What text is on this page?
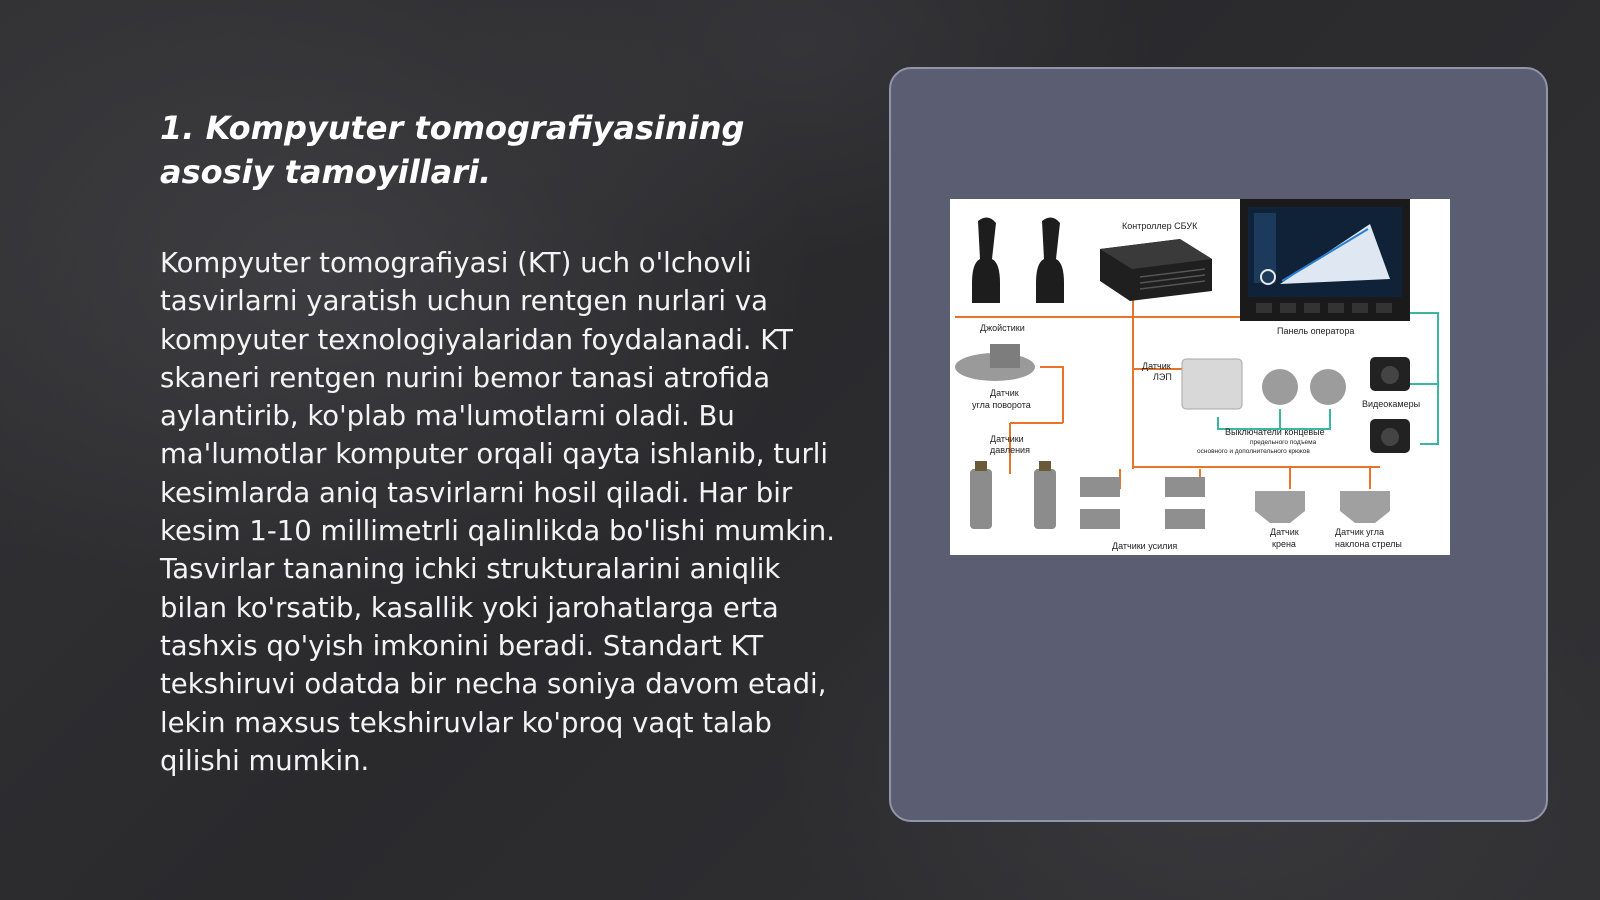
1. Kompyuter tomografiyasining asosiy tamoyillari.

Kompyuter tomografiyasi (KT) uch o'lchovli tasvirlarni yaratish uchun rentgen nurlari va kompyuter texnologiyalaridan foydalanadi. KT skaneri rentgen nurini bemor tanasi atrofida aylantirib, ko'plab ma'lumotlarni oladi. Bu ma'lumotlar komputer orqali qayta ishlanib, turli kesimlarda aniq tasvirlarni hosil qiladi. Har bir kesim 1-10 millimetrli qalinlikda bo'lishi mumkin. Tasvirlar tananing ichki strukturalarini aniqlik bilan ko'rsatib, kasallik yoki jarohatlarga erta tashxis qo'yish imkonini beradi. Standart KT tekshiruvi odatda bir necha soniya davom etadi, lekin maxsus tekshiruvlar ko'proq vaqt talab qilishi mumkin.

Джойстики
Контроллер СБУК
Панель оператора
Датчик
угла поворота
Датчики
давления
Датчики усилия
Датчик
ЛЭП
Выключатели концевые
предельного подъема
основного и дополнительного крюков
Видеокамеры
Датчик
крена
Датчик угла
наклона стрелы
